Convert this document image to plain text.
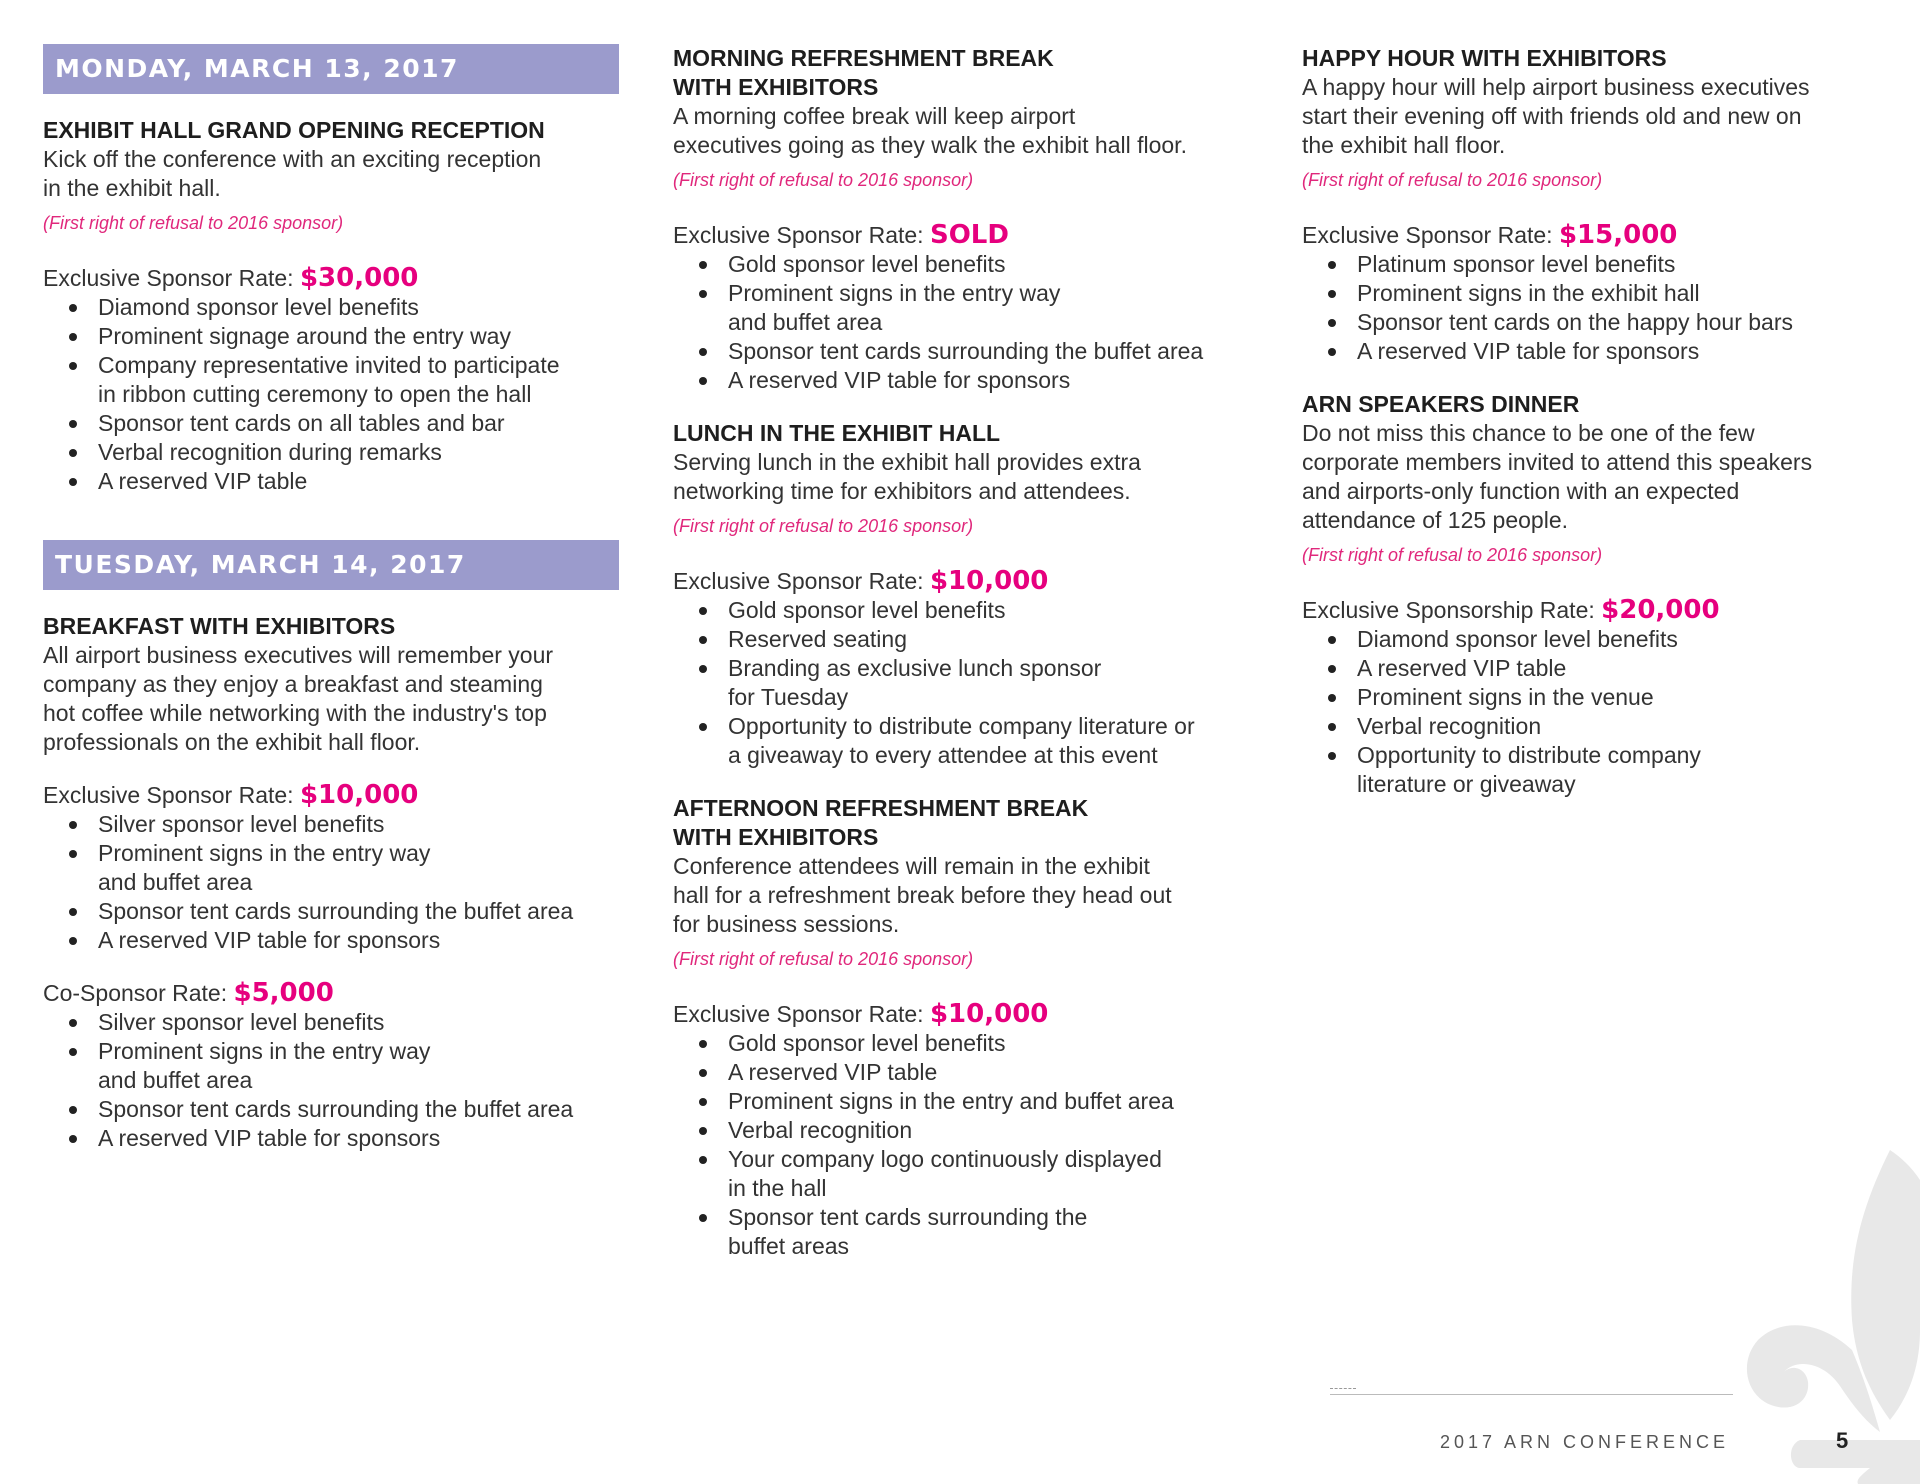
MONDAY, MARCH 13, 2017
EXHIBIT HALL GRAND OPENING RECEPTION
Kick off the conference with an exciting reception
in the exhibit hall.
(First right of refusal to 2016 sponsor)
Exclusive Sponsor Rate: $30,000
Diamond sponsor level benefits
Prominent signage around the entry way
Company representative invited to participate
in ribbon cutting ceremony to open the hall
Sponsor tent cards on all tables and bar
Verbal recognition during remarks
A reserved VIP table
TUESDAY, MARCH 14, 2017
BREAKFAST WITH EXHIBITORS
All airport business executives will remember your
company as they enjoy a breakfast and steaming
hot coffee while networking with the industry's top
professionals on the exhibit hall floor.
Exclusive Sponsor Rate: $10,000
Silver sponsor level benefits
Prominent signs in the entry way
and buffet area
Sponsor tent cards surrounding the buffet area
A reserved VIP table for sponsors
Co-Sponsor Rate: $5,000
Silver sponsor level benefits
Prominent signs in the entry way
and buffet area
Sponsor tent cards surrounding the buffet area
A reserved VIP table for sponsors
MORNING REFRESHMENT BREAK
WITH EXHIBITORS
A morning coffee break will keep airport
executives going as they walk the exhibit hall floor.
(First right of refusal to 2016 sponsor)
Exclusive Sponsor Rate: SOLD
Gold sponsor level benefits
Prominent signs in the entry way
and buffet area
Sponsor tent cards surrounding the buffet area
A reserved VIP table for sponsors
LUNCH IN THE EXHIBIT HALL
Serving lunch in the exhibit hall provides extra
networking time for exhibitors and attendees.
(First right of refusal to 2016 sponsor)
Exclusive Sponsor Rate: $10,000
Gold sponsor level benefits
Reserved seating
Branding as exclusive lunch sponsor
for Tuesday
Opportunity to distribute company literature or
a giveaway to every attendee at this event
AFTERNOON REFRESHMENT BREAK
WITH EXHIBITORS
Conference attendees will remain in the exhibit
hall for a refreshment break before they head out
for business sessions.
(First right of refusal to 2016 sponsor)
Exclusive Sponsor Rate: $10,000
Gold sponsor level benefits
A reserved VIP table
Prominent signs in the entry and buffet area
Verbal recognition
Your company logo continuously displayed
in the hall
Sponsor tent cards surrounding the
buffet areas
HAPPY HOUR WITH EXHIBITORS
A happy hour will help airport business executives
start their evening off with friends old and new on
the exhibit hall floor.
(First right of refusal to 2016 sponsor)
Exclusive Sponsor Rate: $15,000
Platinum sponsor level benefits
Prominent signs in the exhibit hall
Sponsor tent cards on the happy hour bars
A reserved VIP table for sponsors
ARN SPEAKERS DINNER
Do not miss this chance to be one of the few
corporate members invited to attend this speakers
and airports-only function with an expected
attendance of 125 people.
(First right of refusal to 2016 sponsor)
Exclusive Sponsorship Rate: $20,000
Diamond sponsor level benefits
A reserved VIP table
Prominent signs in the venue
Verbal recognition
Opportunity to distribute company
literature or giveaway
2017 ARN CONFERENCE	5
